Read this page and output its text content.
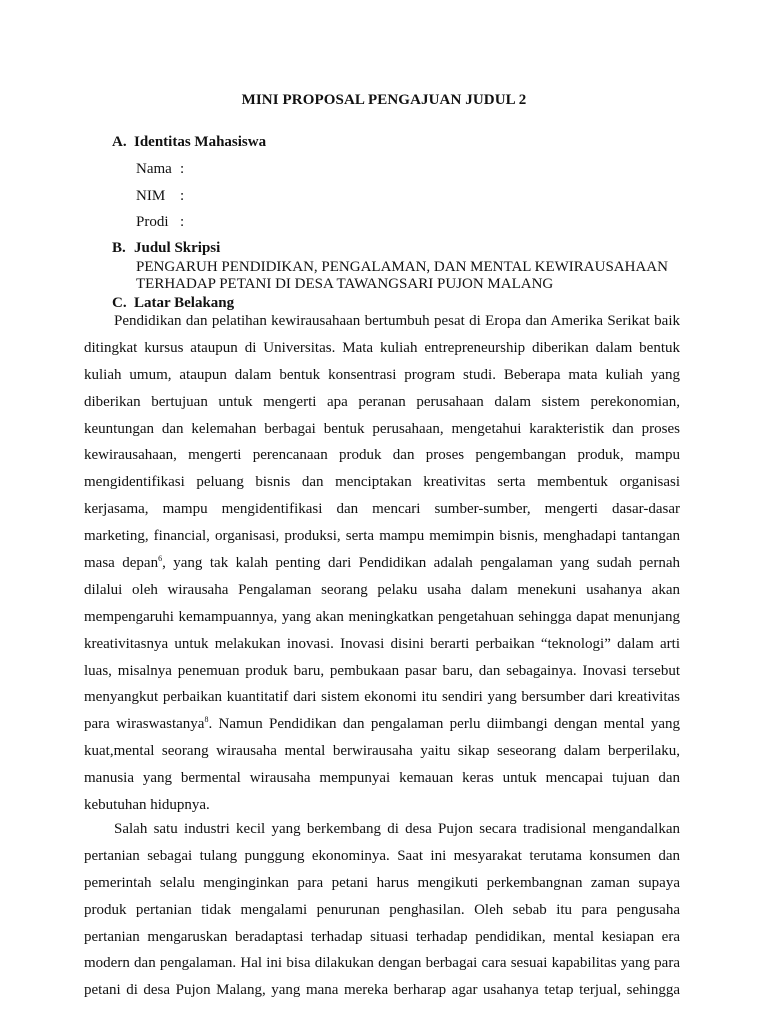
MINI PROPOSAL PENGAJUAN JUDUL 2
A. Identitas Mahasiswa
Nama :
NIM :
Prodi :
B. Judul Skripsi
PENGARUH PENDIDIKAN, PENGALAMAN, DAN MENTAL KEWIRAUSAHAAN
TERHADAP PETANI DI DESA TAWANGSARI PUJON MALANG
C. Latar Belakang
Pendidikan dan pelatihan kewirausahaan bertumbuh pesat di Eropa dan Amerika Serikat baik
ditingkat kursus ataupun di Universitas. Mata kuliah entrepreneurship diberikan dalam bentuk
kuliah umum, ataupun dalam bentuk konsentrasi program studi. Beberapa mata kuliah yang
diberikan bertujuan untuk mengerti apa peranan perusahaan dalam sistem perekonomian,
keuntungan dan kelemahan berbagai bentuk perusahaan, mengetahui karakteristik dan proses
kewirausahaan, mengerti perencanaan produk dan proses pengembangan produk, mampu
mengidentifikasi peluang bisnis dan menciptakan kreativitas serta membentuk organisasi
kerjasama, mampu mengidentifikasi dan mencari sumber-sumber, mengerti dasar-dasar
marketing, financial, organisasi, produksi, serta mampu memimpin bisnis, menghadapi tantangan
masa depan$^6$, yang tak kalah penting dari Pendidikan adalah pengalaman yang sudah pernah
dilalui oleh wirausaha Pengalaman seorang pelaku usaha dalam menekuni usahanya akan
mempengaruhi kemampuannya, yang akan meningkatkan pengetahuan sehingga dapat menunjang
kreativitasnya untuk melakukan inovasi. Inovasi disini berarti perbaikan “teknologi” dalam arti
luas, misalnya penemuan produk baru, pembukaan pasar baru, dan sebagainya. Inovasi tersebut
menyangkut perbaikan kuantitatif dari sistem ekonomi itu sendiri yang bersumber dari kreativitas
para wiraswastanya$^8$. Namun Pendidikan dan pengalaman perlu diimbangi dengan mental yang
kuat,mental seorang wirausaha mental berwirausaha yaitu sikap seseorang dalam berperilaku,
manusia yang bermental wirausaha mempunyai kemauan keras untuk mencapai tujuan dan
kebutuhan hidupnya.
Salah satu industri kecil yang berkembang di desa Pujon secara tradisional mengandalkan
pertanian sebagai tulang punggung ekonominya. Saat ini mesyarakat terutama konsumen dan
pemerintah selalu menginginkan para petani harus mengikuti perkembangnan zaman supaya
produk pertanian tidak mengalami penurunan penghasilan. Oleh sebab itu para pengusaha
pertanian mengaruskan beradaptasi terhadap situasi terhadap pendidikan, mental kesiapan era
modern dan pengalaman. Hal ini bisa dilakukan dengan berbagai cara sesuai kapabilitas yang para
petani di desa Pujon Malang, yang mana mereka berharap agar usahanya tetap terjual, sehingga
